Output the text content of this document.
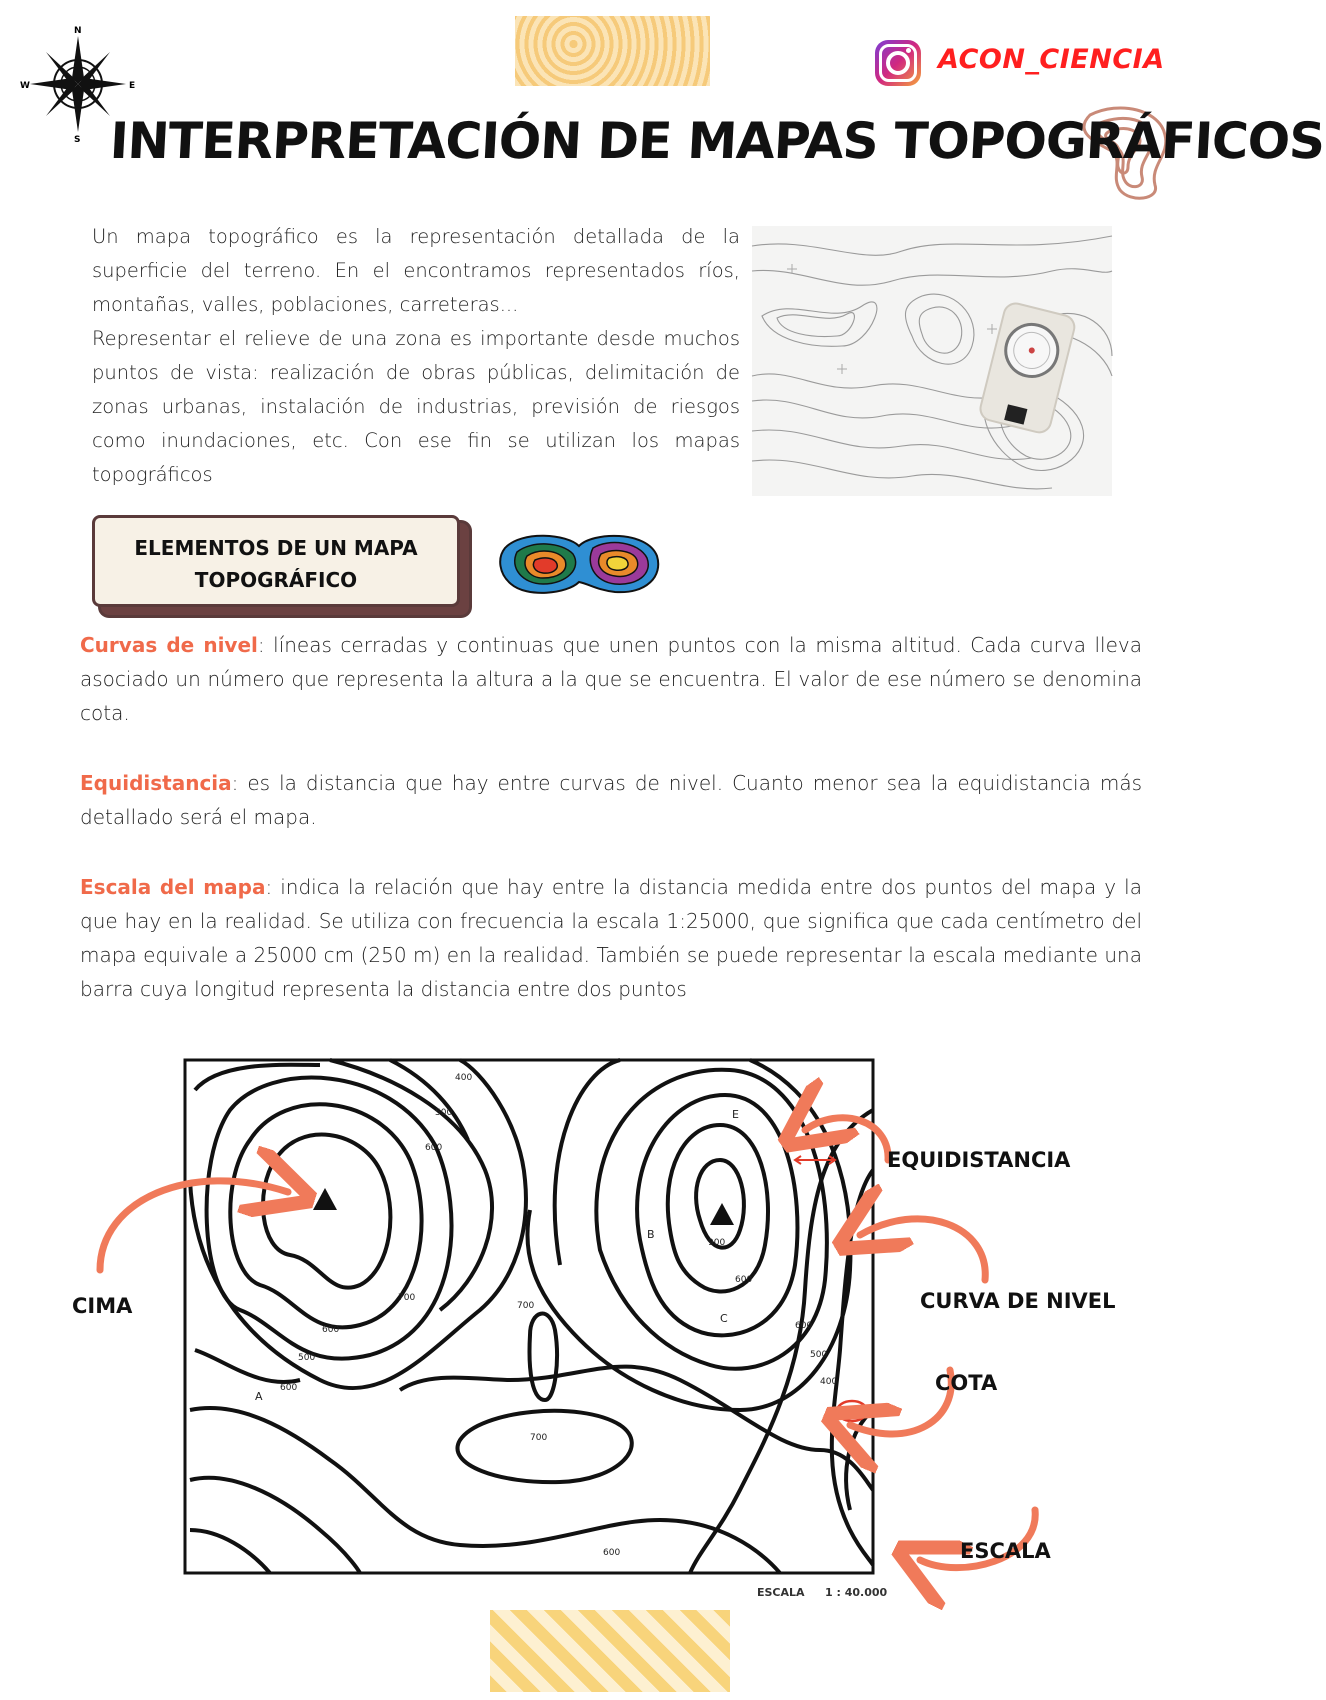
N
S
E
W
ACON_CIENCIA
INTERPRETACIÓN DE MAPAS TOPOGRÁFICOS

Un mapa topográfico es la representación detallada de la superficie del terreno. En el encontramos representados ríos, montañas, valles, poblaciones, carreteras...

Representar el relieve de una zona es importante desde muchos puntos de vista: realización de obras públicas, delimitación de zonas urbanas, instalación de industrias, previsión de riesgos como inundaciones, etc. Con ese fin se utilizan los mapas topográficos

ELEMENTOS DE UN MAPA
TOPOGRÁFICO
Curvas de nivel: líneas cerradas y continuas que unen puntos con la misma altitud. Cada curva lleva asociado un número que representa la altura a la que se encuentra. El valor de ese número se denomina cota.
Equidistancia: es la distancia que hay entre curvas de nivel. Cuanto menor sea la equidistancia más detallado será el mapa.
Escala del mapa: indica la relación que hay entre la distancia medida entre dos puntos del mapa y la que hay en la realidad. Se utiliza con frecuencia la escala 1:25000, que significa que cada centímetro del mapa equivale a 25000 cm (250 m) en la realidad. También se puede representar la escala mediante una barra cuya longitud representa la distancia entre dos puntos
400
500
600
700
600
500
600
700
700
600
900
600
600
500
400
500
A
B
C
E
ESCALA 1 : 40.000
CIMA
EQUIDISTANCIA
CURVA DE NIVEL
COTA
ESCALA
